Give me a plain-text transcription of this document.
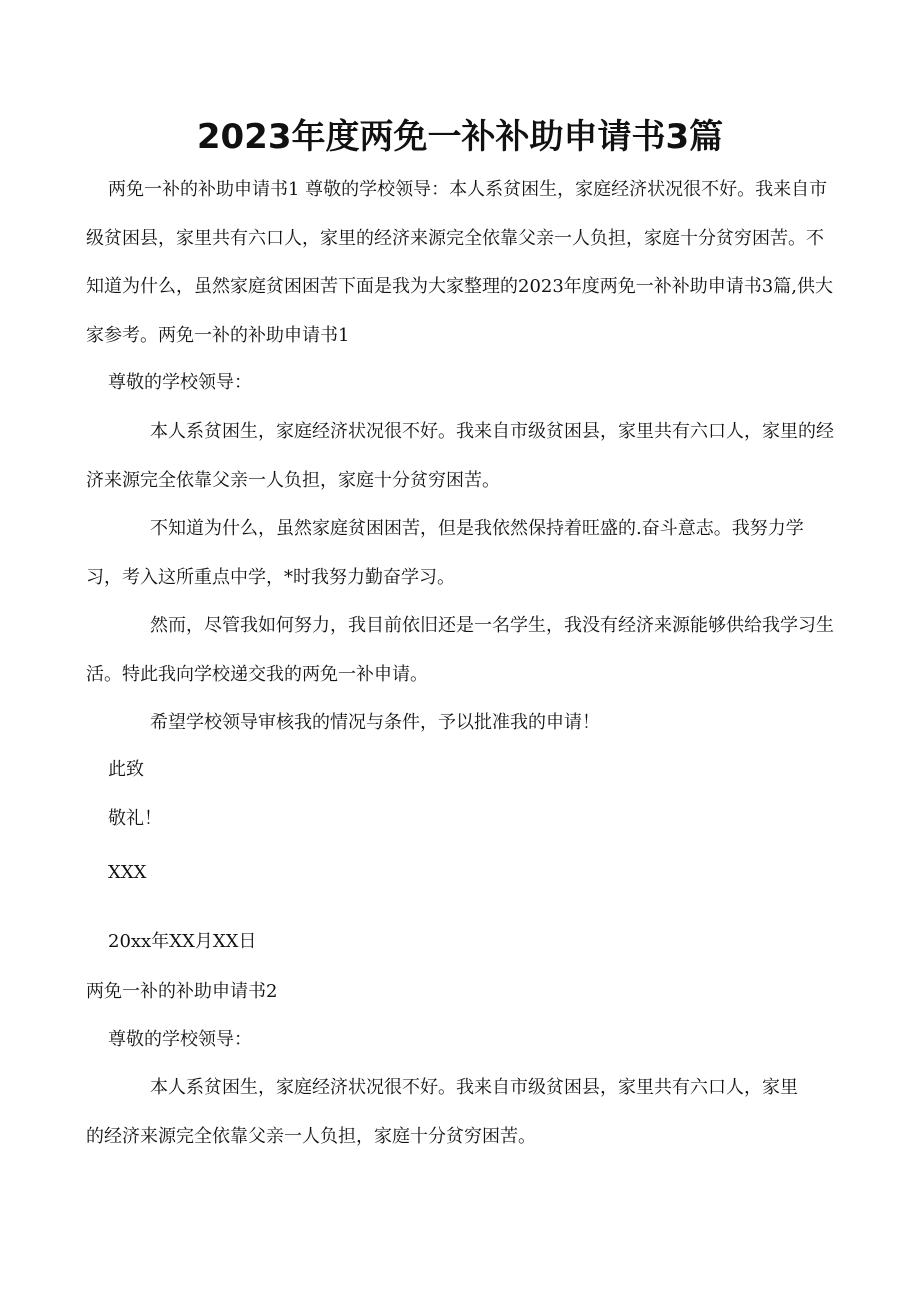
2023年度两免一补补助申请书3篇
两免一补的补助申请书1 尊敬的学校领导：本人系贫困生，家庭经济状况很不好。我来自市级贫困县，家里共有六口人，家里的经济来源完全依靠父亲一人负担，家庭十分贫穷困苦。不知道为什么，虽然家庭贫困困苦下面是我为大家整理的2023年度两免一补补助申请书3篇,供大家参考。两免一补的补助申请书1
尊敬的学校领导：
本人系贫困生，家庭经济状况很不好。我来自市级贫困县，家里共有六口人，家里的经济来源完全依靠父亲一人负担，家庭十分贫穷困苦。
不知道为什么，虽然家庭贫困困苦，但是我依然保持着旺盛的.奋斗意志。我努力学习，考入这所重点中学，*时我努力勤奋学习。
然而，尽管我如何努力，我目前依旧还是一名学生，我没有经济来源能够供给我学习生活。特此我向学校递交我的两免一补申请。
希望学校领导审核我的情况与条件，予以批准我的申请！
此致
敬礼！
XXX
20xx年XX月XX日
两免一补的补助申请书2
尊敬的学校领导：
本人系贫困生，家庭经济状况很不好。我来自市级贫困县，家里共有六口人，家里的经济来源完全依靠父亲一人负担，家庭十分贫穷困苦。
